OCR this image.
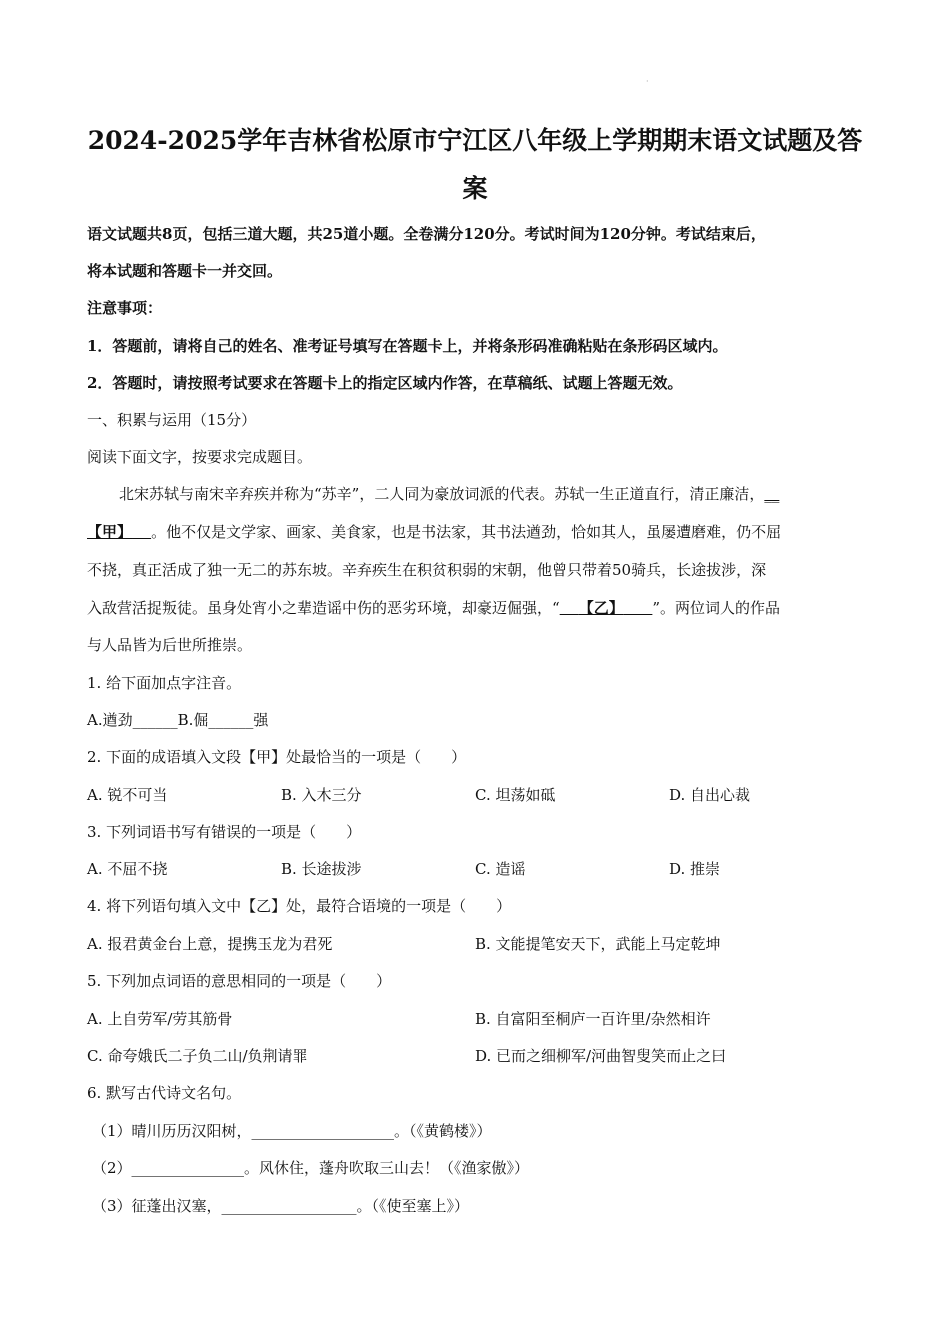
·
2024-2025学年吉林省松原市宁江区八年级上学期期末语文试题及答
案
语文试题共8页，包括三道大题，共25道小题。全卷满分120分。考试时间为120分钟。考试结束后，
将本试题和答题卡一并交回。
注意事项：
1．答题前，请将自己的姓名、准考证号填写在答题卡上，并将条形码准确粘贴在条形码区域内。
2．答题时，请按照考试要求在答题卡上的指定区域内作答，在草稿纸、试题上答题无效。
一、积累与运用（15分）
阅读下面文字，按要求完成题目。
北宋苏轼与南宋辛弃疾并称为“苏辛”，二人同为豪放词派的代表。苏轼一生正道直行，清正廉洁，__
【甲】 。他不仅是文学家、画家、美食家，也是书法家，其书法遒劲，恰如其人，虽屡遭磨难，仍不屈
不挠，真正活成了独一无二的苏东坡。辛弃疾生在积贫积弱的宋朝，他曾只带着50骑兵，长途拔涉，深
入敌营活捉叛徒。虽身处宵小之辈造谣中伤的恶劣环境，却豪迈倔强，“ 【乙】 ”。两位词人的作品
与人品皆为后世所推崇。
1. 给下面加点字注音。
A.遒劲______B.倔______强
2. 下面的成语填入文段【甲】处最恰当的一项是（　　）
A. 锐不可当	B. 入木三分	C. 坦荡如砥	D. 自出心裁
3. 下列词语书写有错误的一项是（　　）
A. 不屈不挠	B. 长途拔涉	C. 造谣	D. 推崇
4. 将下列语句填入文中【乙】处，最符合语境的一项是（　　）
A. 报君黄金台上意，提携玉龙为君死	B. 文能提笔安天下，武能上马定乾坤
5. 下列加点词语的意思相同的一项是（　　）
A. 上自劳军/劳其筋骨	B. 自富阳至桐庐一百许里/杂然相许
C. 命夸娥氏二子负二山/负荆请罪	D. 已而之细柳军/河曲智叟笑而止之曰
6. 默写古代诗文名句。
（1）晴川历历汉阳树，___________________。（《黄鹤楼》）
（2）_______________。风休住，蓬舟吹取三山去！（《渔家傲》）
（3）征蓬出汉塞，__________________。（《使至塞上》）
